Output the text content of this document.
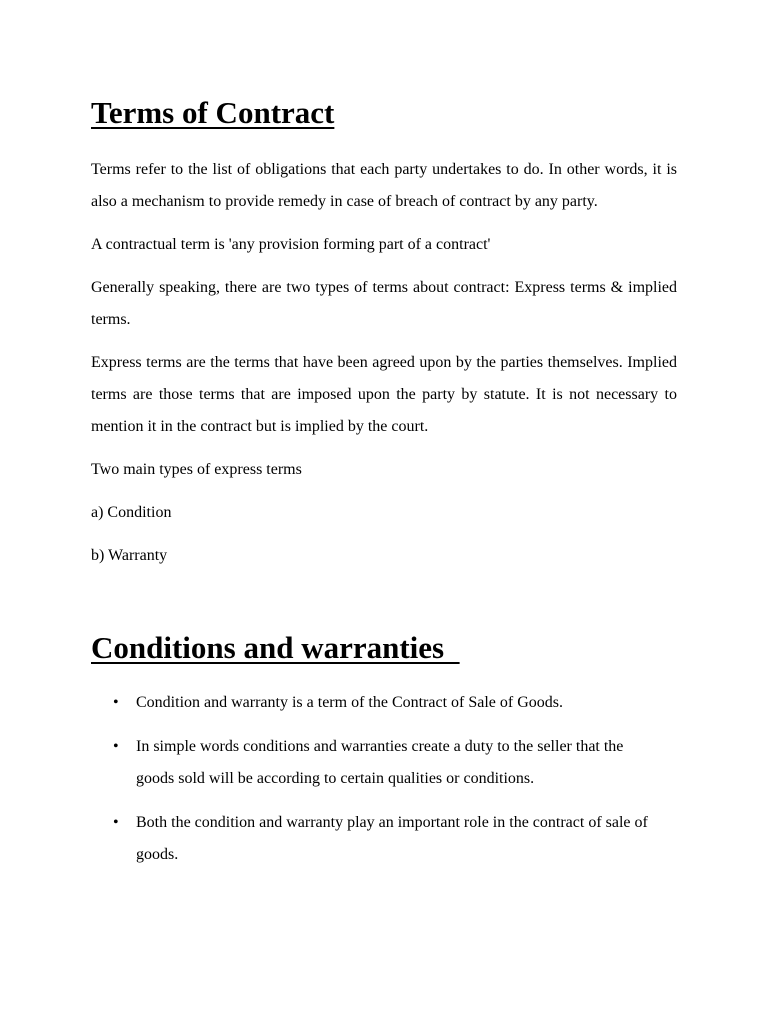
Terms of Contract

Terms refer to the list of obligations that each party undertakes to do. In other words, it is also a mechanism to provide remedy in case of breach of contract by any party.

A contractual term is 'any provision forming part of a contract'

Generally speaking, there are two types of terms about contract: Express terms & implied terms.

Express terms are the terms that have been agreed upon by the parties themselves. Implied terms are those terms that are imposed upon the party by statute. It is not necessary to mention it in the contract but is implied by the court.

Two main types of express terms

a) Condition

b) Warranty

Conditions and warranties
• Condition and warranty is a term of the Contract of Sale of Goods.
• In simple words conditions and warranties create a duty to the seller that the goods sold will be according to certain qualities or conditions.
• Both the condition and warranty play an important role in the contract of sale of goods.
